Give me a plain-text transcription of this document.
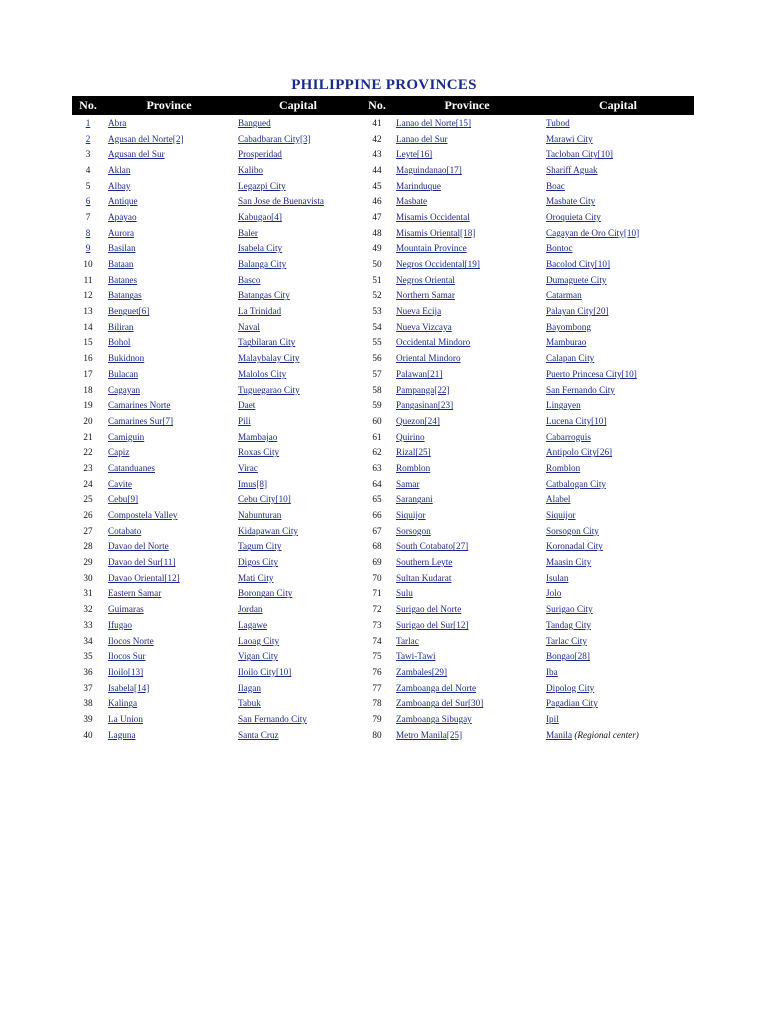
PHILIPPINE PROVINCES
No.	Province	Capital	No.	Province	Capital
1	Abra	Bangued	41	Lanao del Norte[15]	Tubod
2	Agusan del Norte[2]	Cabadbaran City[3]	42	Lanao del Sur	Marawi City
3	Agusan del Sur	Prosperidad	43	Leyte[16]	Tacloban City[10]
4	Aklan	Kalibo	44	Maguindanao[17]	Shariff Aguak
5	Albay	Legazpi City	45	Marinduque	Boac
6	Antique	San Jose de Buenavista	46	Masbate	Masbate City
7	Apayao	Kabugao[4]	47	Misamis Occidental	Oroquieta City
8	Aurora	Baler	48	Misamis Oriental[18]	Cagayan de Oro City[10]
9	Basilan	Isabela City	49	Mountain Province	Bontoc
10	Bataan	Balanga City	50	Negros Occidental[19]	Bacolod City[10]
11	Batanes	Basco	51	Negros Oriental	Dumaguete City
12	Batangas	Batangas City	52	Northern Samar	Catarman
13	Benguet[6]	La Trinidad	53	Nueva Ecija	Palayan City[20]
14	Biliran	Naval	54	Nueva Vizcaya	Bayombong
15	Bohol	Tagbilaran City	55	Occidental Mindoro	Mamburao
16	Bukidnon	Malaybalay City	56	Oriental Mindoro	Calapan City
17	Bulacan	Malolos City	57	Palawan[21]	Puerto Princesa City[10]
18	Cagayan	Tuguegarao City	58	Pampanga[22]	San Fernando City
19	Camarines Norte	Daet	59	Pangasinan[23]	Lingayen
20	Camarines Sur[7]	Pili	60	Quezon[24]	Lucena City[10]
21	Camiguin	Mambajao	61	Quirino	Cabarroguis
22	Capiz	Roxas City	62	Rizal[25]	Antipolo City[26]
23	Catanduanes	Virac	63	Romblon	Romblon
24	Cavite	Imus[8]	64	Samar	Catbalogan City
25	Cebu[9]	Cebu City[10]	65	Sarangani	Alabel
26	Compostela Valley	Nabunturan	66	Siquijor	Siquijor
27	Cotabato	Kidapawan City	67	Sorsogon	Sorsogon City
28	Davao del Norte	Tagum City	68	South Cotabato[27]	Koronadal City
29	Davao del Sur[11]	Digos City	69	Southern Leyte	Maasin City
30	Davao Oriental[12]	Mati City	70	Sultan Kudarat	Isulan
31	Eastern Samar	Borongan City	71	Sulu	Jolo
32	Guimaras	Jordan	72	Surigao del Norte	Surigao City
33	Ifugao	Lagawe	73	Surigao del Sur[12]	Tandag City
34	Ilocos Norte	Laoag City	74	Tarlac	Tarlac City
35	Ilocos Sur	Vigan City	75	Tawi-Tawi	Bongao[28]
36	Iloilo[13]	Iloilo City[10]	76	Zambales[29]	Iba
37	Isabela[14]	Ilagan	77	Zamboanga del Norte	Dipolog City
38	Kalinga	Tabuk	78	Zamboanga del Sur[30]	Pagadian City
39	La Union	San Fernando City	79	Zamboanga Sibugay	Ipil
40	Laguna	Santa Cruz	80	Metro Manila[25]	Manila (Regional center)
